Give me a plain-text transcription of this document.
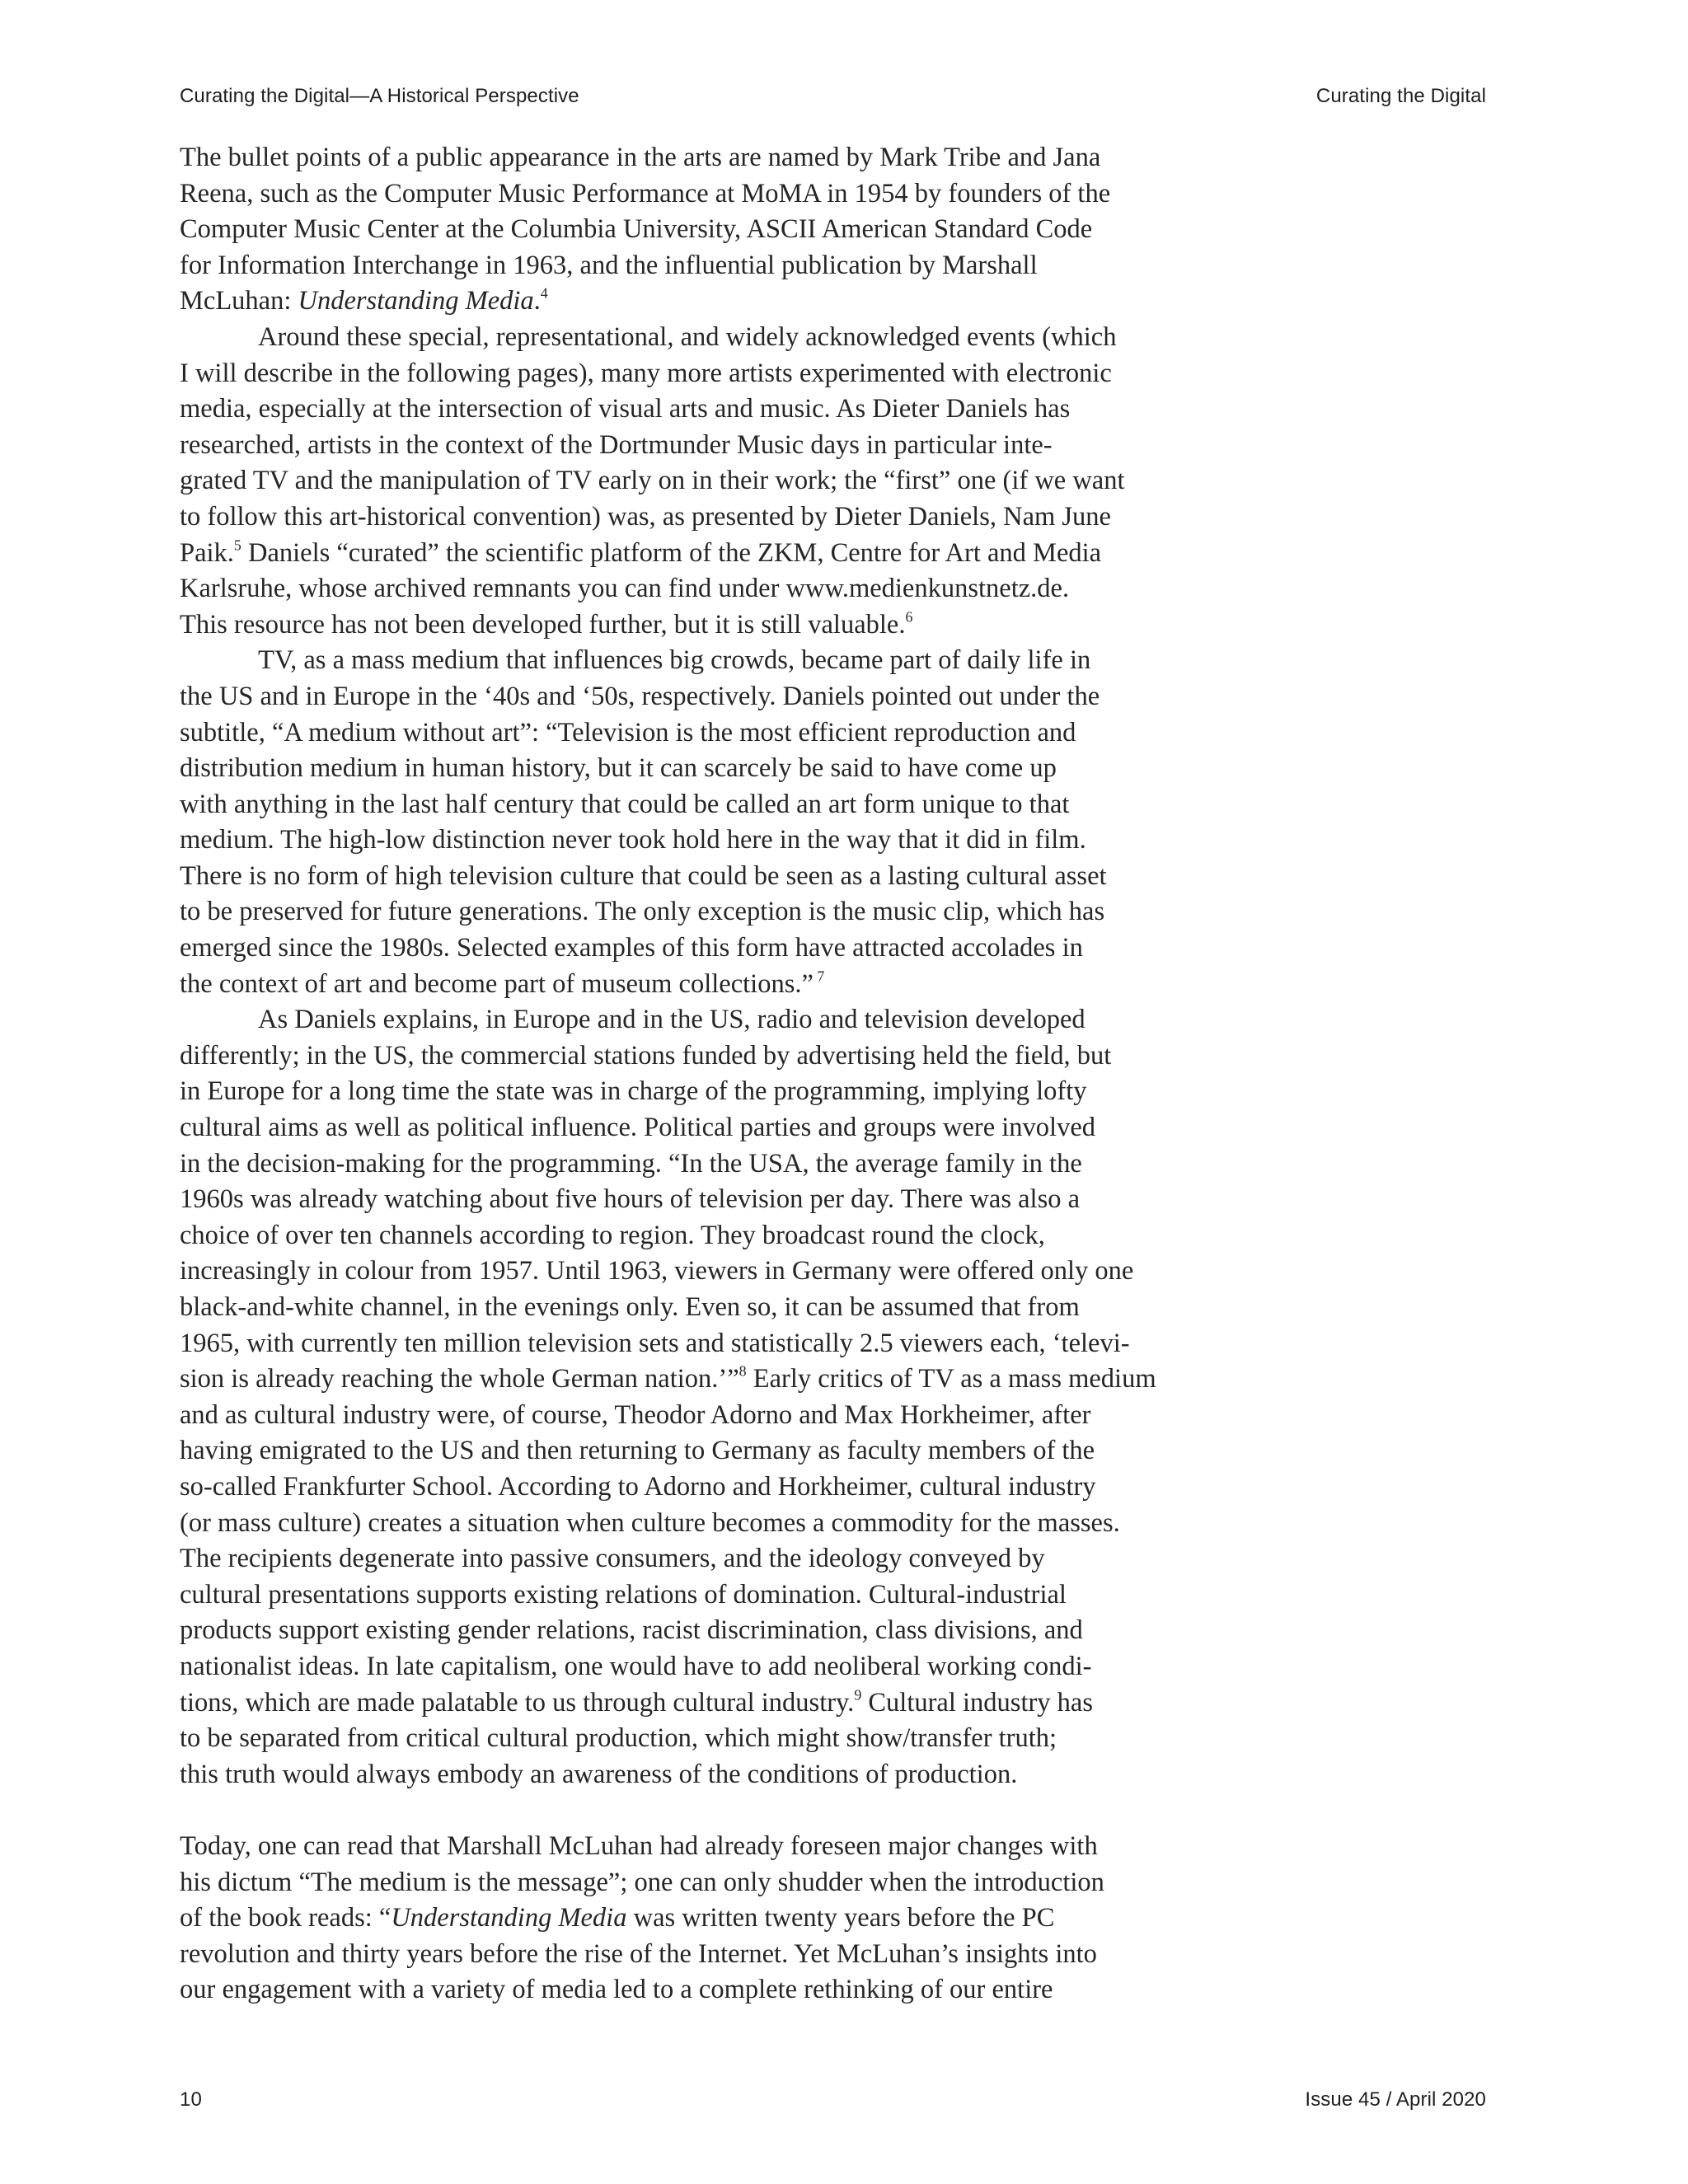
Curating the Digital—A Historical Perspective	Curating the Digital
The bullet points of a public appearance in the arts are named by Mark Tribe and Jana
Reena, such as the Computer Music Performance at MoMA in 1954 by founders of the
Computer Music Center at the Columbia University, ASCII American Standard Code
for Information Interchange in 1963, and the influential publication by Marshall
McLuhan: Understanding Media.$^4$
Around these special, representational, and widely acknowledged events (which
I will describe in the following pages), many more artists experimented with electronic
media, especially at the intersection of visual arts and music. As Dieter Daniels has
researched, artists in the context of the Dortmunder Music days in particular inte-
grated TV and the manipulation of TV early on in their work; the “first” one (if we want
to follow this art-historical convention) was, as presented by Dieter Daniels, Nam June
Paik.$^5$ Daniels “curated” the scientific platform of the ZKM, Centre for Art and Media
Karlsruhe, whose archived remnants you can find under www.medienkunstnetz.de.
This resource has not been developed further, but it is still valuable.$^6$
TV, as a mass medium that influences big crowds, became part of daily life in
the US and in Europe in the ‘40s and ‘50s, respectively. Daniels pointed out under the
subtitle, “A medium without art”: “Television is the most efficient reproduction and
distribution medium in human history, but it can scarcely be said to have come up
with anything in the last half century that could be called an art form unique to that
medium. The high-low distinction never took hold here in the way that it did in film.
There is no form of high television culture that could be seen as a lasting cultural asset
to be preserved for future generations. The only exception is the music clip, which has
emerged since the 1980s. Selected examples of this form have attracted accolades in
the context of art and become part of museum collections.” $^7$
As Daniels explains, in Europe and in the US, radio and television developed
differently; in the US, the commercial stations funded by advertising held the field, but
in Europe for a long time the state was in charge of the programming, implying lofty
cultural aims as well as political influence. Political parties and groups were involved
in the decision-making for the programming. “In the USA, the average family in the
1960s was already watching about five hours of television per day. There was also a
choice of over ten channels according to region. They broadcast round the clock,
increasingly in colour from 1957. Until 1963, viewers in Germany were offered only one
black-and-white channel, in the evenings only. Even so, it can be assumed that from
1965, with currently ten million television sets and statistically 2.5 viewers each, ‘televi-
sion is already reaching the whole German nation.’”$^8$ Early critics of TV as a mass medium
and as cultural industry were, of course, Theodor Adorno and Max Horkheimer, after
having emigrated to the US and then returning to Germany as faculty members of the
so-called Frankfurter School. According to Adorno and Horkheimer, cultural industry
(or mass culture) creates a situation when culture becomes a commodity for the masses.
The recipients degenerate into passive consumers, and the ideology conveyed by
cultural presentations supports existing relations of domination. Cultural-industrial
products support existing gender relations, racist discrimination, class divisions, and
nationalist ideas. In late capitalism, one would have to add neoliberal working condi-
tions, which are made palatable to us through cultural industry.$^9$ Cultural industry has
to be separated from critical cultural production, which might show/transfer truth;
this truth would always embody an awareness of the conditions of production.
Today, one can read that Marshall McLuhan had already foreseen major changes with
his dictum “The medium is the message”; one can only shudder when the introduction
of the book reads: “Understanding Media was written twenty years before the PC
revolution and thirty years before the rise of the Internet. Yet McLuhan’s insights into
our engagement with a variety of media led to a complete rethinking of our entire
10	Issue 45 / April 2020
